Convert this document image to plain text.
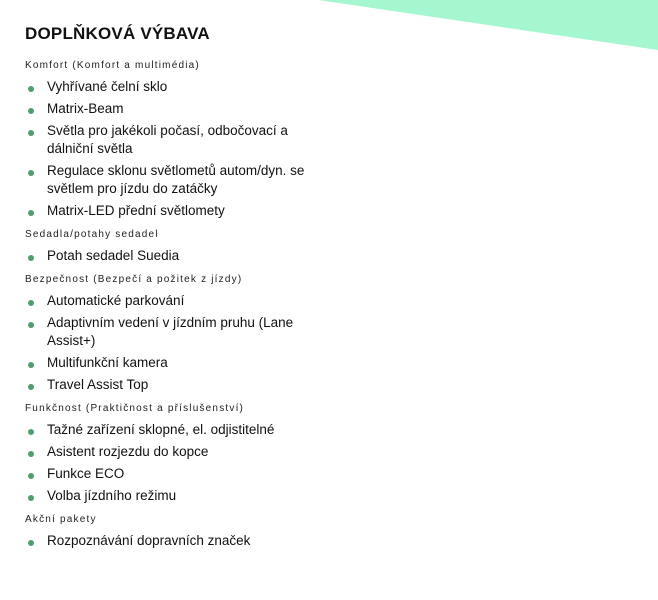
DOPLŇKOVÁ VÝBAVA
Komfort (Komfort a multimédia)
Vyhřívané čelní sklo
Matrix-Beam
Světla pro jakékoli počasí, odbočovací a dálniční světla
Regulace sklonu světlometů autom/dyn. se světlem pro jízdu do zatáčky
Matrix-LED přední světlomety
Sedadla/potahy sedadel
Potah sedadel Suedia
Bezpečnost (Bezpečí a požitek z jízdy)
Automatické parkování
Adaptivním vedení v jízdním pruhu (Lane Assist+)
Multifunkční kamera
Travel Assist Top
Funkčnost (Praktičnost a příslušenství)
Tažné zařízení sklopné, el. odjistitelné
Asistent rozjezdu do kopce
Funkce ECO
Volba jízdního režimu
Akční pakety
Rozpoznávání dopravních značek
